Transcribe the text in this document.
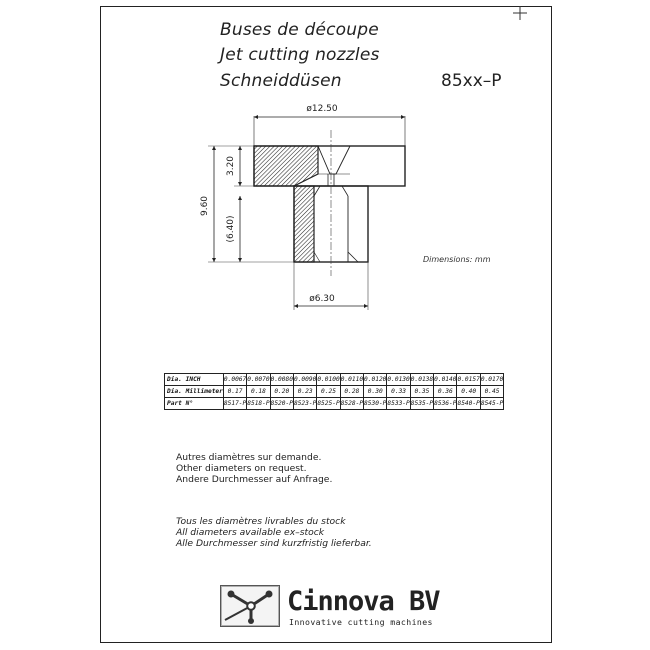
Buses de découpe
Jet cutting nozzles
Schneiddüsen	85xx–P
ø12.50
ø6.30
9.60
3.20
(6.40)
Dimensions: mm
Dia. INCH	0.0067	0.0070	0.0080	0.0090	0.0100	0.0110	0.0120	0.0130	0.0138	0.0140	0.0157	0.0170
Dia. Millimeter	0.17	0.18	0.20	0.23	0.25	0.28	0.30	0.33	0.35	0.36	0.40	0.45
Part N°	8517-P	8518-P	8520-P	8523-P	8525-P	8528-P	8530-P	8533-P	8535-P	8536-P	8540-P	8545-P
Autres diamètres sur demande.
Other diameters on request.
Andere Durchmesser auf Anfrage.
Tous les diamètres livrables du stock
All diameters available ex–stock
Alle Durchmesser sind kurzfristig lieferbar.
Cinnova BV
Innovative cutting machines
